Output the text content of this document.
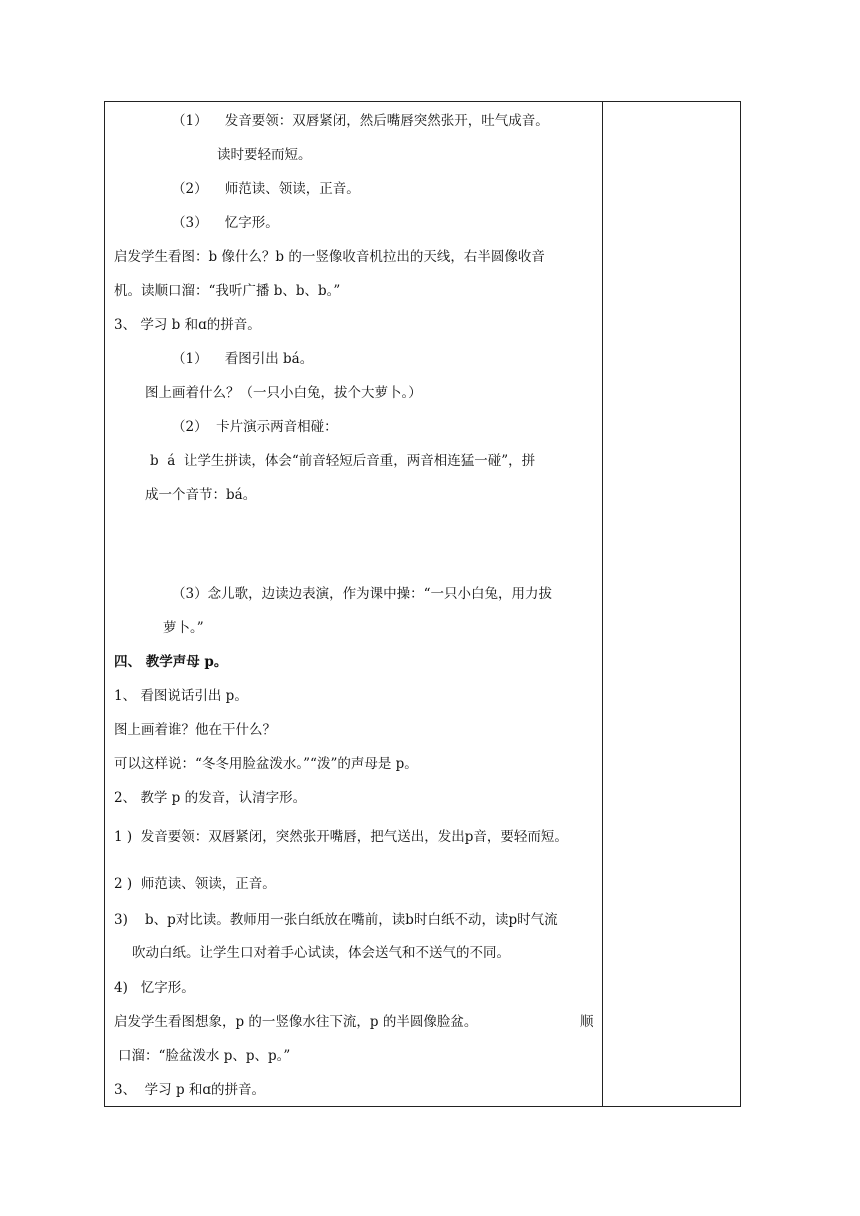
（1）    发音要领：双唇紧闭，然后嘴唇突然张开，吐气成音。
读时要轻而短。
（2）    师范读、领读，正音。
（3）    忆字形。
启发学生看图：b 像什么？b 的一竖像收音机拉出的天线，右半圆像收音
机。读顺口溜：“我听广播 b、b、b。”
3、 学习 b 和ɑ的拼音。
（1）    看图引出 bá。
图上画着什么？（一只小白兔，拔个大萝卜。）
（2）  卡片演示两音相碰：
b  á  让学生拼读，体会“前音轻短后音重，两音相连猛一碰”，拼
成一个音节：bá。
（3）念儿歌，边读边表演，作为课中操：“一只小白兔，用力拔
萝卜。”
四、 教学声母 p。
1、 看图说话引出 p。
图上画着谁？他在干什么？
可以这样说：“冬冬用脸盆泼水。”“泼”的声母是 p。
2、 教学 p 的发音，认清字形。
1 )  发音要领：双唇紧闭，突然张开嘴唇，把气送出，发出p音，要轻而短。
2 )  师范读、领读，正音。
3)    b、p对比读。教师用一张白纸放在嘴前，读b时白纸不动，读p时气流
吹动白纸。让学生口对着手心试读，体会送气和不送气的不同。
4)   忆字形。
启发学生看图想象，p 的一竖像水往下流，p 的半圆像脸盆。	顺
口溜：“脸盆泼水 p、p、p。”
3、  学习 p 和ɑ的拼音。
